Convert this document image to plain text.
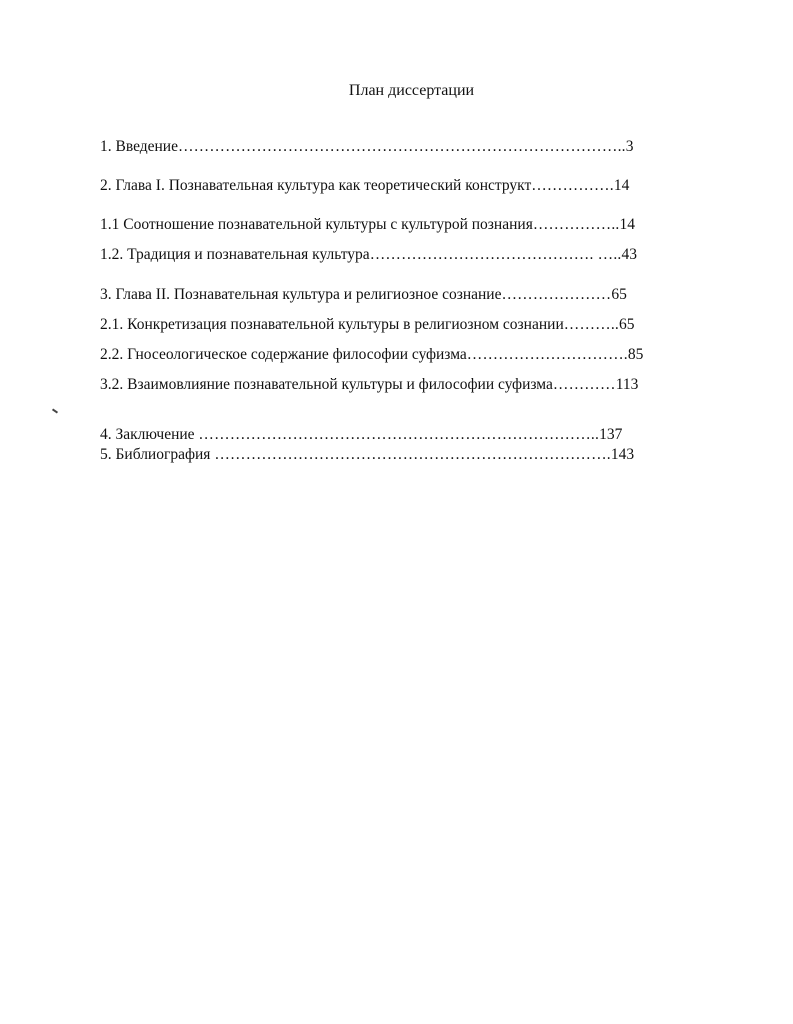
План диссертации
1. Введение…………………………………………………………………………..3
2. Глава I. Познавательная культура как теоретический конструкт…………….14
1.1 Соотношение познавательной культуры с культурой познания……………..14
1.2. Традиция и познавательная культура……………………………………. …..43
3. Глава II. Познавательная культура и религиозное сознание…………………65
2.1. Конкретизация познавательной культуры в религиозном сознании………..65
2.2. Гносеологическое содержание философии суфизма………………………….85
3.2. Взаимовлияние познавательной культуры и философии суфизма…………113
4. Заключение …………………………………………………………………..137
5. Библиография ………………………………………………………………….143
